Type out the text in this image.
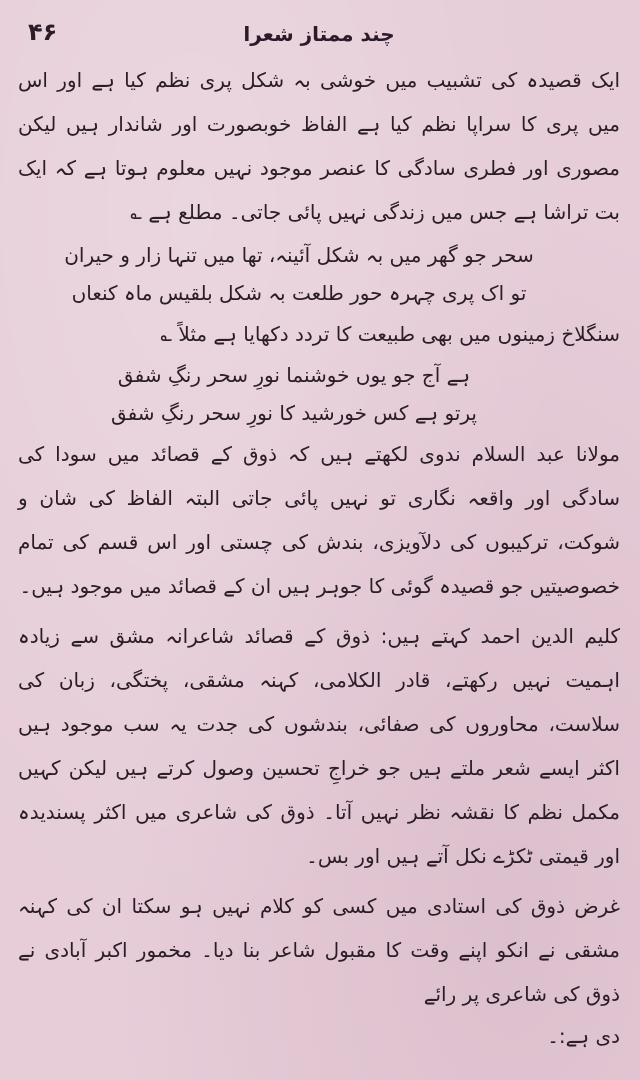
چند ممتاز شعرا
۴۶

ایک قصیدہ کی تشبیب میں خوشی بہ شکل پری نظم کیا ہے اور اس میں پری کا سراپا نظم کیا ہے الفاظ خوبصورت اور شاندار ہیں لیکن مصوری اور فطری سادگی کا عنصر موجود نہیں معلوم ہوتا ہے کہ ایک بت تراشا ہے جس میں زندگی نہیں پائی جاتی۔ مطلع ہے ؎

سحر جو گھر میں بہ شکل آئینہ، تھا میں تنہا زار و حیران
تو اک پری چہرہ حور طلعت بہ شکل بلقیس ماہ کنعاں

سنگلاخ زمینوں میں بھی طبیعت کا تردد دکھایا ہے مثلاً ؎

ہے آج جو یوں خوشنما نورِ سحر رنگِ شفق
پرتو ہے کس خورشید کا نورِ سحر رنگِ شفق

مولانا عبد السلام ندوی لکھتے ہیں کہ ذوق کے قصائد میں سودا کی سادگی اور واقعہ نگاری تو نہیں پائی جاتی البتہ الفاظ کی شان و شوکت، ترکیبوں کی دلآویزی، بندش کی چستی اور اس قسم کی تمام خصوصیتیں جو قصیدہ گوئی کا جوہر ہیں ان کے قصائد میں موجود ہیں۔

کلیم الدین احمد کہتے ہیں: ذوق کے قصائد شاعرانہ مشق سے زیادہ اہمیت نہیں رکھتے، قادر الکلامی، کہنہ مشقی، پختگی، زبان کی سلاست، محاوروں کی صفائی، بندشوں کی جدت یہ سب موجود ہیں اکثر ایسے شعر ملتے ہیں جو خراجِ تحسین وصول کرتے ہیں لیکن کہیں مکمل نظم کا نقشہ نظر نہیں آتا۔ ذوق کی شاعری میں اکثر پسندیدہ اور قیمتی ٹکڑے نکل آتے ہیں اور بس۔

غرض ذوق کی استادی میں کسی کو کلام نہیں ہو سکتا ان کی کہنہ مشقی نے انکو اپنے وقت کا مقبول شاعر بنا دیا۔ مخمور اکبر آبادی نے ذوق کی شاعری پر رائے

دی ہے:۔
